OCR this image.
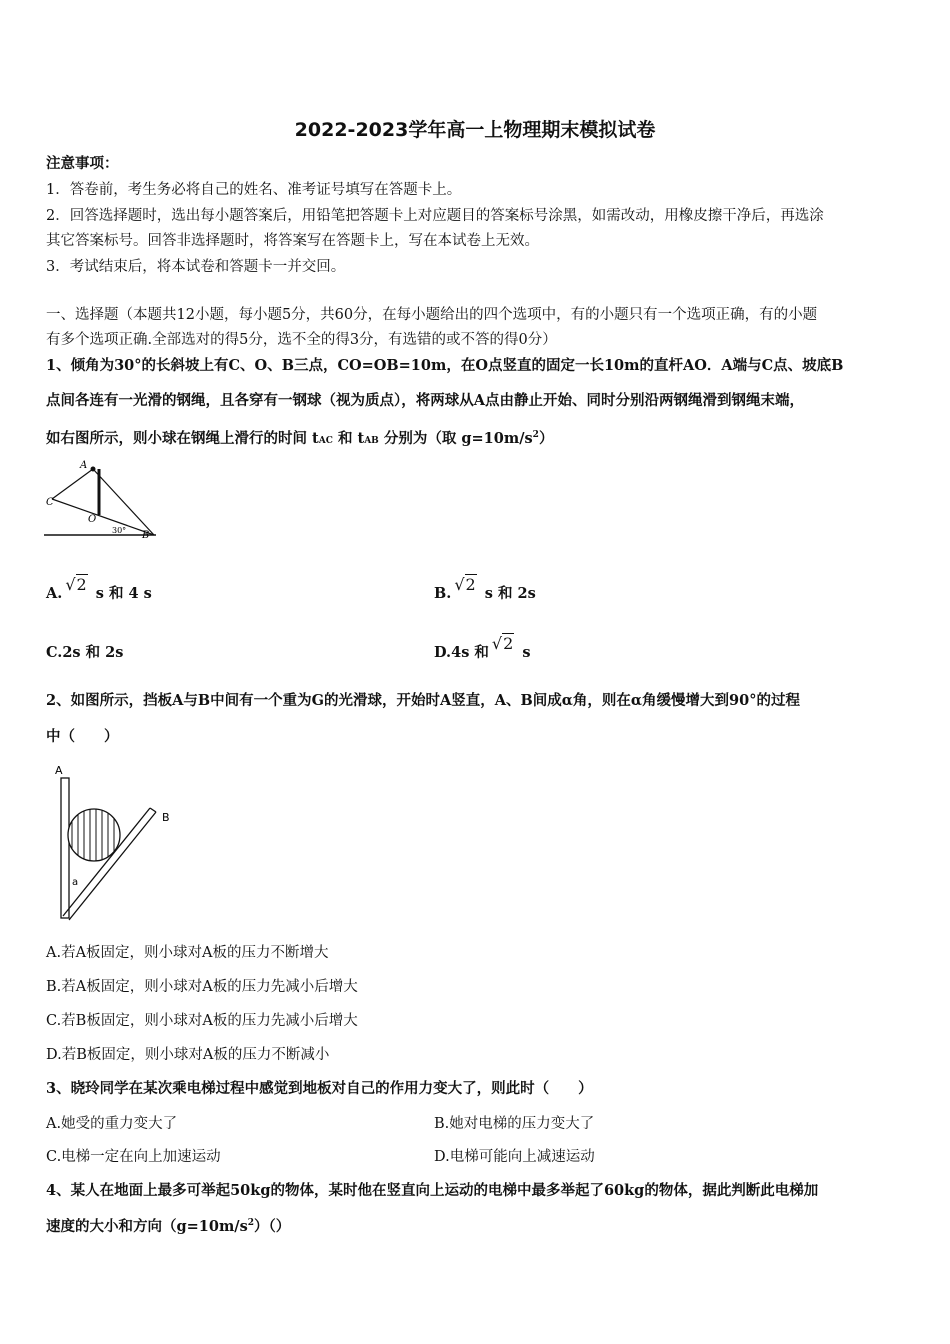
2022-2023学年高一上物理期末模拟试卷
注意事项：
1．答卷前，考生务必将自己的姓名、准考证号填写在答题卡上。
2．回答选择题时，选出每小题答案后，用铅笔把答题卡上对应题目的答案标号涂黑，如需改动，用橡皮擦干净后，再选涂
其它答案标号。回答非选择题时，将答案写在答题卡上，写在本试卷上无效。
3．考试结束后，将本试卷和答题卡一并交回。
一、选择题（本题共12小题，每小题5分，共60分，在每小题给出的四个选项中，有的小题只有一个选项正确，有的小题
有多个选项正确.全部选对的得5分，选不全的得3分，有选错的或不答的得0分）
1、倾角为30°的长斜坡上有C、O、B三点，CO=OB=10m，在O点竖直的固定一长10m的直杆AO．A端与C点、坡底B
点间各连有一光滑的钢绳，且各穿有一钢球（视为质点），将两球从A点由静止开始、同时分别沿两钢绳滑到钢绳末端，
如右图所示，则小球在钢绳上滑行的时间 tAC 和 tAB 分别为（取 $g=10m/s^2$）
A
C
O
30° B
A. √2 s 和 4 s	B. √2 s 和 2s
C.2s 和 2s	D.4s 和 √2 s
2、如图所示，挡板A与B中间有一个重为G的光滑球，开始时A竖直，A、B间成α角，则在α角缓慢增大到90°的过程
中（　　）
A
B
a
A.若A板固定，则小球对A板的压力不断增大
B.若A板固定，则小球对A板的压力先减小后增大
C.若B板固定，则小球对A板的压力先减小后增大
D.若B板固定，则小球对A板的压力不断减小
3、晓玲同学在某次乘电梯过程中感觉到地板对自己的作用力变大了，则此时（　　）
A.她受的重力变大了	B.她对电梯的压力变大了
C.电梯一定在向上加速运动	D.电梯可能向上减速运动
4、某人在地面上最多可举起50kg的物体，某时他在竖直向上运动的电梯中最多举起了60kg的物体，据此判断此电梯加
速度的大小和方向$(g=10m/s^2)()$
